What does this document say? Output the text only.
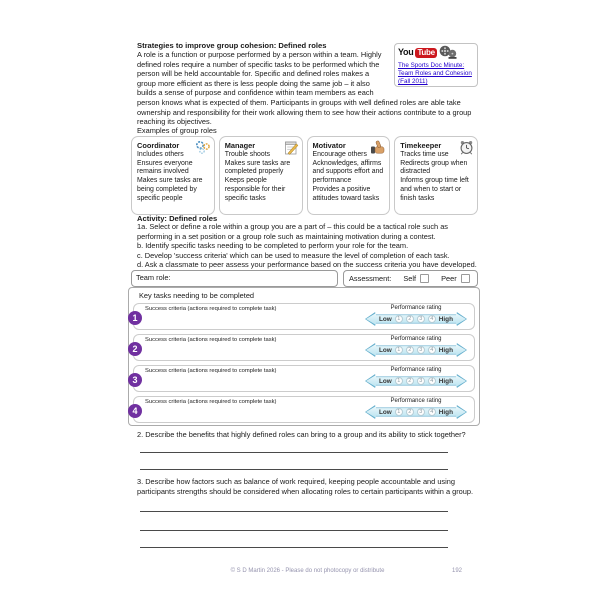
Strategies to improve group cohesion: Defined roles
You Tube
The Sports Doc Minute: Team Roles and Cohesion (Fall 2011)
A role is a function or purpose performed by a person within a team. Highly defined roles require a number of specific tasks to be performed which the person will be held accountable for. Specific and defined roles makes a group more efficient as there is less people doing the same job – it also builds a sense of purpose and confidence within team members as each person knows what is expected of them. Participants in groups with well defined roles are able take ownership and responsibility for their work allowing them to see how their actions contribute to a group reaching its objectives.
Examples of group roles
Coordinator
Includes others
Ensures everyone remains involved
Makes sure tasks are being completed by specific people
Manager
Trouble shoots
Makes sure tasks are completed properly
Keeps people responsible for their specific tasks
Motivator
Encourage others
Acknowledges, affirms and supports effort and performance
Provides a positive attitudes toward tasks
Timekeeper
Tracks time use
Redirects group when distracted
Informs group time left and when to start or finish tasks
Activity: Defined roles
1a. Select or define a role within a group you are a part of – this could be a tactical role such as performing in a set position or a group role such as maintaining motivation during a contest.
b. Identify specific tasks needing to be completed to perform your role for the team.
c. Develop 'success criteria' which can be used to measure the level of completion of each task.
d. Ask a classmate to peer assess your performance based on the success criteria you have developed.
Team role:	Assessment: Self	Peer
Key tasks needing to be completed
1
Success criteria (actions required to complete task)	Performance rating
Low 1	2	3	4 High
2
Success criteria (actions required to complete task)	Performance rating
Low 1	2	3	4 High
3
Success criteria (actions required to complete task)	Performance rating
Low 1	2	3	4 High
4
Success criteria (actions required to complete task)	Performance rating
Low 1	2	3	4 High
2. Describe the benefits that highly defined roles can bring to a group and its ability to stick together?
3. Describe how factors such as balance of work required, keeping people accountable and using participants strengths should be considered when allocating roles to certain participants within a group.
© S D Martin 2026 - Please do not photocopy or distribute	192
